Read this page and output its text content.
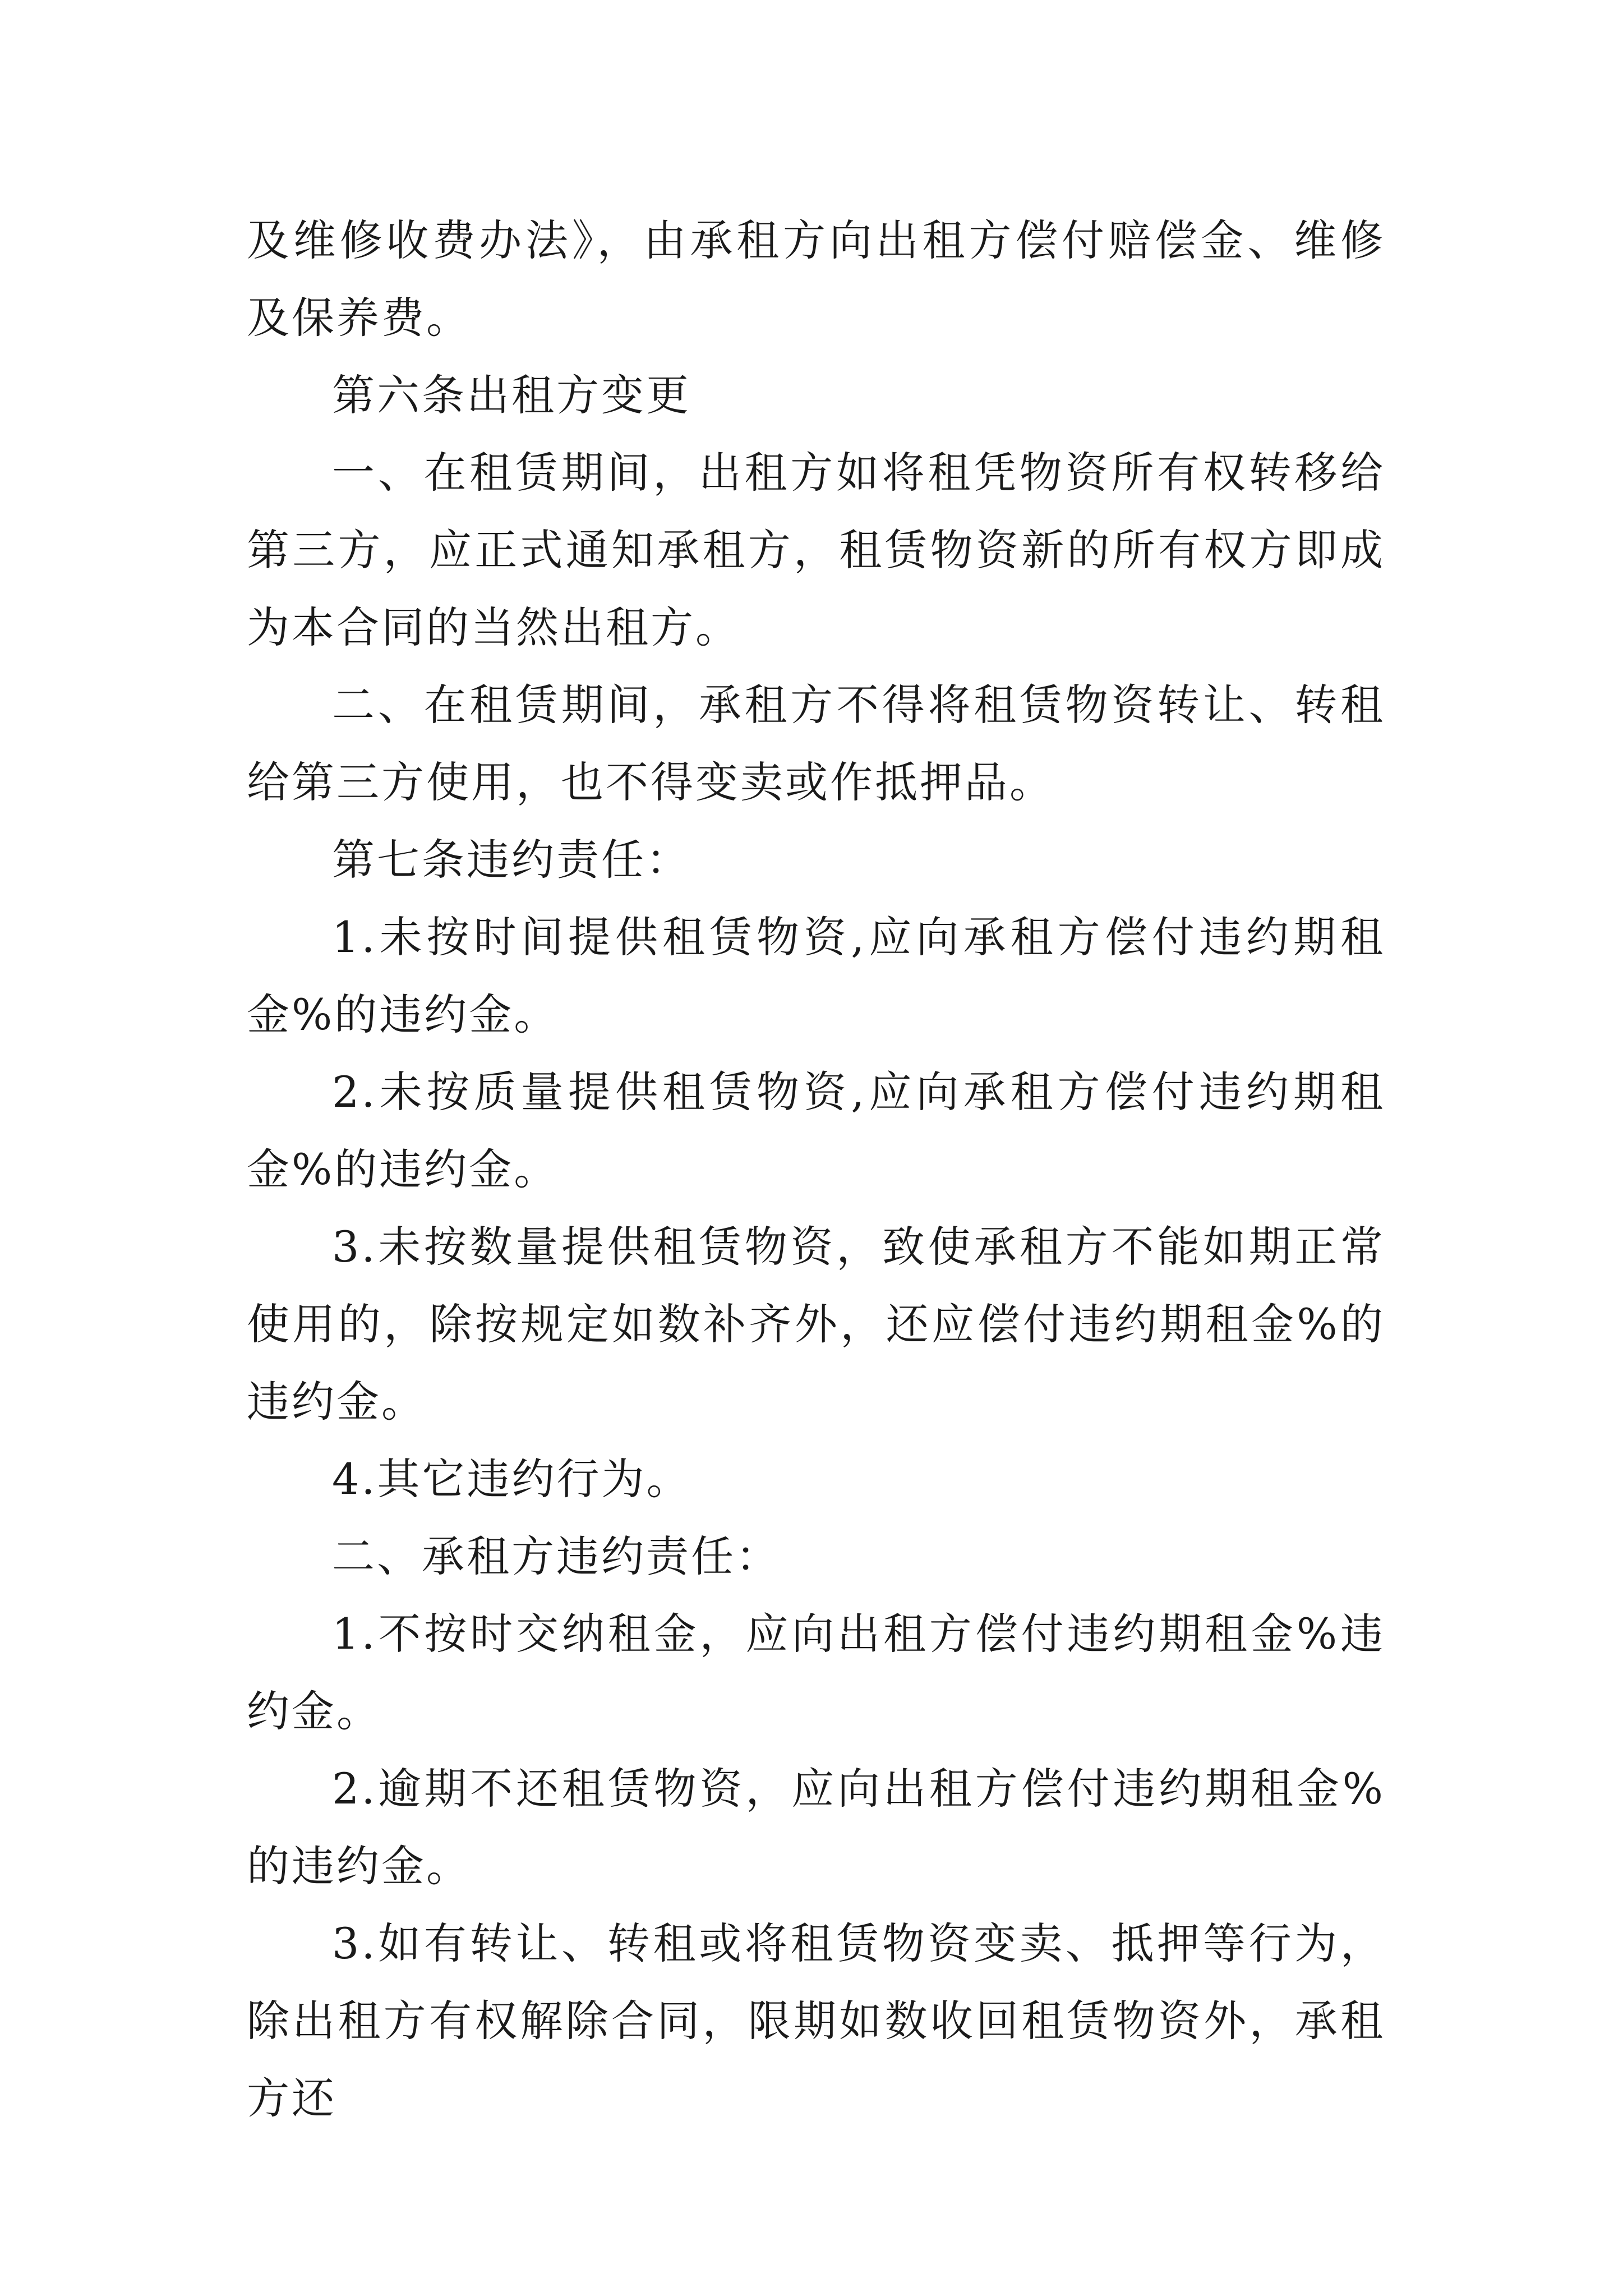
及维修收费办法》，由承租方向出租方偿付赔偿金、维修及保养费。

第六条出租方变更

一、在租赁期间，出租方如将租凭物资所有权转移给第三方，应正式通知承租方，租赁物资新的所有权方即成为本合同的当然出租方。

二、在租赁期间，承租方不得将租赁物资转让、转租给第三方使用，也不得变卖或作抵押品。

第七条违约责任：

1.未按时间提供租赁物资,应向承租方偿付违约期租金%的违约金。

2.未按质量提供租赁物资,应向承租方偿付违约期租金%的违约金。

3.未按数量提供租赁物资，致使承租方不能如期正常使用的，除按规定如数补齐外，还应偿付违约期租金%的违约金。

4.其它违约行为。

二、承租方违约责任：

1.不按时交纳租金，应向出租方偿付违约期租金%违约金。

2.逾期不还租赁物资，应向出租方偿付违约期租金%的违约金。

3.如有转让、转租或将租赁物资变卖、抵押等行为，除出租方有权解除合同，限期如数收回租赁物资外，承租方还
